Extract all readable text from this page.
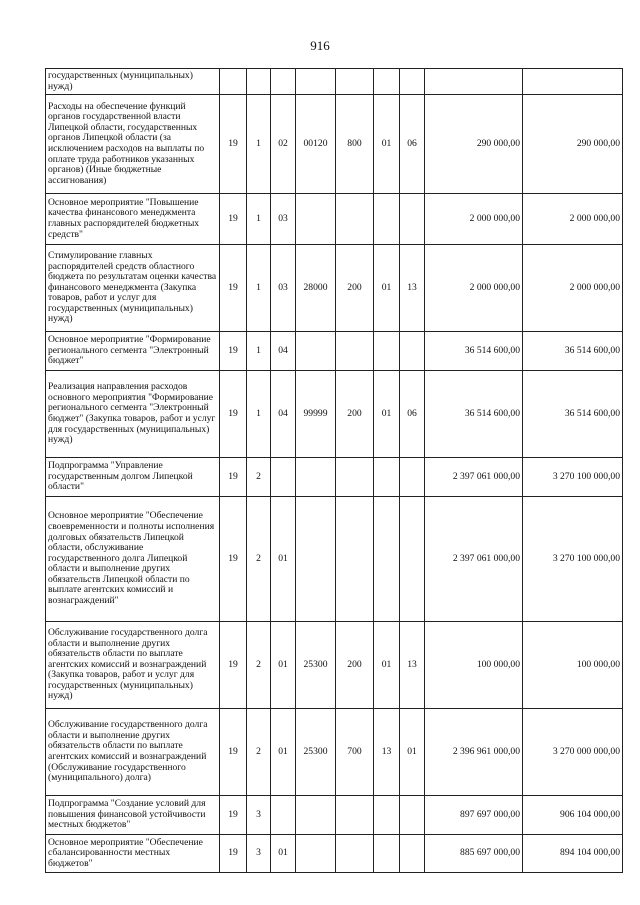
916
государственных (муниципальных) нужд)									
Расходы на обеспечение функций органов государственной власти Липецкой области, государственных органов Липецкой области (за исключением расходов на выплаты по оплате труда работников указанных органов) (Иные бюджетные ассигнования)	19	1	02	00120	800	01	06	290 000,00	290 000,00
Основное мероприятие "Повышение качества финансового менеджмента главных распорядителей бюджетных средств"	19	1	03					2 000 000,00	2 000 000,00
Стимулирование главных распорядителей средств областного бюджета по результатам оценки качества финансового менеджмента (Закупка товаров, работ и услуг для государственных (муниципальных) нужд)	19	1	03	28000	200	01	13	2 000 000,00	2 000 000,00
Основное мероприятие "Формирование регионального сегмента "Электронный бюджет"	19	1	04					36 514 600,00	36 514 600,00
Реализация направления расходов основного мероприятия "Формирование регионального сегмента "Электронный бюджет" (Закупка товаров, работ и услуг для государственных (муниципальных) нужд)	19	1	04	99999	200	01	06	36 514 600,00	36 514 600,00
Подпрограмма "Управление государственным долгом Липецкой области"	19	2						2 397 061 000,00	3 270 100 000,00
Основное мероприятие "Обеспечение своевременности и полноты исполнения долговых обязательств Липецкой области, обслуживание государственного долга Липецкой области и выполнение других обязательств Липецкой области по выплате агентских комиссий и вознаграждений"	19	2	01					2 397 061 000,00	3 270 100 000,00
Обслуживание государственного долга области и выполнение других обязательств области по выплате агентских комиссий и вознаграждений (Закупка товаров, работ и услуг для государственных (муниципальных) нужд)	19	2	01	25300	200	01	13	100 000,00	100 000,00
Обслуживание государственного долга области и выполнение других обязательств области по выплате агентских комиссий и вознаграждений (Обслуживание государственного (муниципального) долга)	19	2	01	25300	700	13	01	2 396 961 000,00	3 270 000 000,00
Подпрограмма "Создание условий для повышения финансовой устойчивости местных бюджетов"	19	3						897 697 000,00	906 104 000,00
Основное мероприятие "Обеспечение сбалансированности местных бюджетов"	19	3	01					885 697 000,00	894 104 000,00
